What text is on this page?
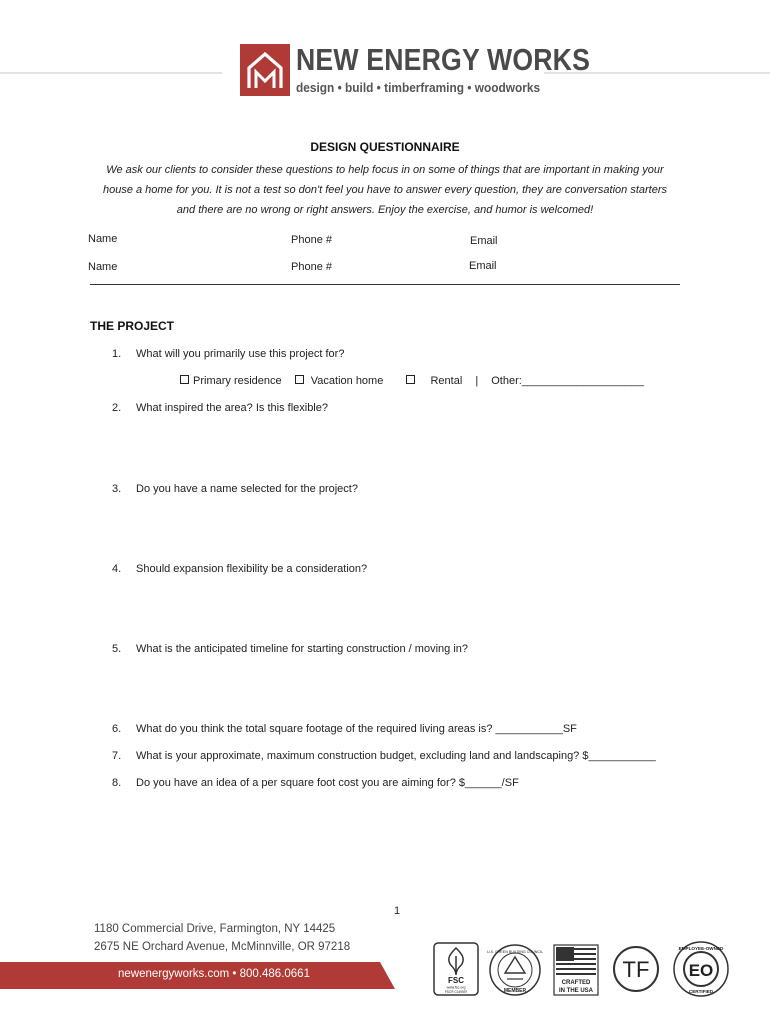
NEW ENERGY WORKS
design • build • timberframing • woodworks
DESIGN QUESTIONNAIRE
We ask our clients to consider these questions to help focus in on some of things that are important in making your
house a home for you. It is not a test so don't feel you have to answer every question, they are conversation starters
and there are no wrong or right answers. Enjoy the exercise, and humor is welcomed!
Name	Phone #	Email
Name	Phone #	Email
THE PROJECT
1. What will you primarily use this project for?
Primary residence	Vacation home	Rental | Other:____________________
2. What inspired the area? Is this flexible?
3. Do you have a name selected for the project?
4. Should expansion flexibility be a consideration?
5. What is the anticipated timeline for starting construction / moving in?
6. What do you think the total square footage of the required living areas is? ___________SF
7. What is your approximate, maximum construction budget, excluding land and landscaping? $___________
8. Do you have an idea of a per square foot cost you are aiming for? $______/SF
1
1180 Commercial Drive, Farmington, NY 14425
2675 NE Orchard Avenue, McMinnville, OR 97218
newenergyworks.com • 800.486.0661
FSC
www.fsc.org
FSC® C149597
U.S. GREEN BUILDING COUNCIL
MEMBER
CRAFTED
IN THE USA
TF
EMPLOYEE-OWNED
EO
CERTIFIED
